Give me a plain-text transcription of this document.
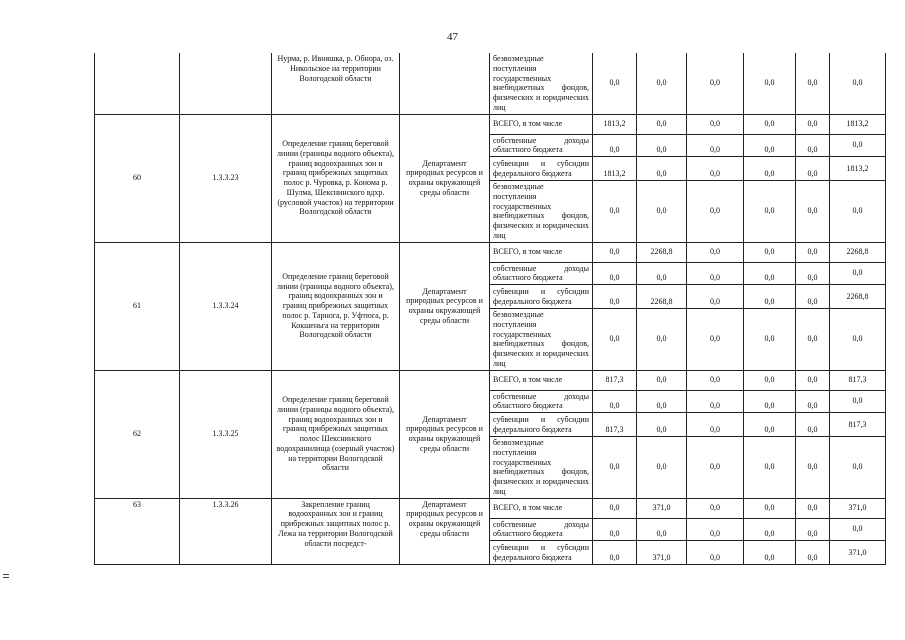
47
		Нурма, р. Ивняшка, р. Обнора, оз. Никольское на территории Вологодской области		безвозмездные поступления государственных внебюджетных фондов, физических и юридических лиц	0,0	0,0	0,0	0,0	0,0	0,0
60	1.3.3.23	Определение границ береговой линии (границы водного объекта), границ водоохранных зон и границ прибрежных защитных полос р. Чуровка, р. Конома р. Шулма, Шекснинского вдхр. (русловой участок) на территории Вологодской области	Департамент природных ресурсов и охраны окружающей среды области	ВСЕГО, в том числе	1813,2	0,0	0,0	0,0	0,0	1813,2
				собственные доходы областного бюджета	0,0	0,0	0,0	0,0	0,0	0,0
				субвенции и субсидии федерального бюджета	1813,2	0,0	0,0	0,0	0,0	1813,2
				безвозмездные поступления государственных внебюджетных фондов, физических и юридических лиц	0,0	0,0	0,0	0,0	0,0	0,0
61	1.3.3.24	Определение границ береговой линии (границы водного объекта), границ водоохранных зон и границ прибрежных защитных полос р. Тарнога, р. Уфтюга, р. Кокшеньга на территории Вологодской области	Департамент природных ресурсов и охраны окружающей среды области	ВСЕГО, в том числе	0,0	2268,8	0,0	0,0	0,0	2268,8
				собственные доходы областного бюджета	0,0	0,0	0,0	0,0	0,0	0,0
				субвенции и субсидии федерального бюджета	0,0	2268,8	0,0	0,0	0,0	2268,8
				безвозмездные поступления государственных внебюджетных фондов, физических и юридических лиц	0,0	0,0	0,0	0,0	0,0	0,0
62	1.3.3.25	Определение границ береговой линии (границы водного объекта), границ водоохранных зон и границ прибрежных защитных полос Шекснинского водохранилища (озерный участок) на территории Вологодской области	Департамент природных ресурсов и охраны окружающей среды области	ВСЕГО, в том числе	817,3	0,0	0,0	0,0	0,0	817,3
				собственные доходы областного бюджета	0,0	0,0	0,0	0,0	0,0	0,0
				субвенции и субсидии федерального бюджета	817,3	0,0	0,0	0,0	0,0	817,3
				безвозмездные поступления государственных внебюджетных фондов, физических и юридических лиц	0,0	0,0	0,0	0,0	0,0	0,0
63	1.3.3.26	Закрепление границ водоохранных зон и границ прибрежных защитных полос р. Лежа на территории Вологодской области посредст-	Департамент природных ресурсов и охраны окружающей среды области	ВСЕГО, в том числе	0,0	371,0	0,0	0,0	0,0	371,0
				собственные доходы областного бюджета	0,0	0,0	0,0	0,0	0,0	0,0
				субвенции и субсидии федерального бюджета	0,0	371,0	0,0	0,0	0,0	371,0
